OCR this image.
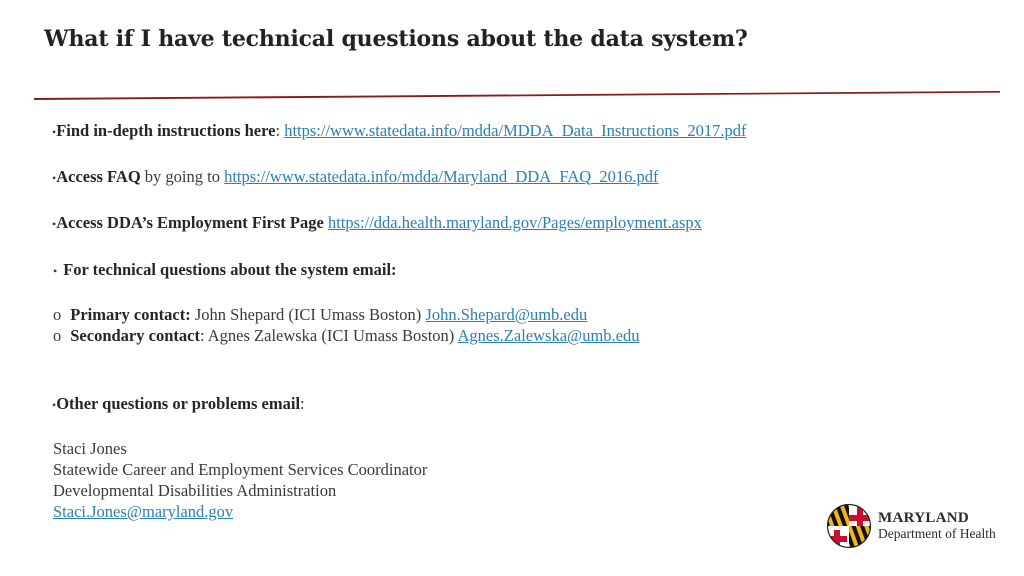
What if I have technical questions about the data system?
•Find in-depth instructions here: https://www.statedata.info/mdda/MDDA_Data_Instructions_2017.pdf
•Access FAQ by going to https://www.statedata.info/mdda/Maryland_DDA_FAQ_2016.pdf
•Access DDA’s Employment First Page https://dda.health.maryland.gov/Pages/employment.aspx
• For technical questions about the system email:
o Primary contact: John Shepard (ICI Umass Boston) John.Shepard@umb.edu
o Secondary contact: Agnes Zalewska (ICI Umass Boston) Agnes.Zalewska@umb.edu
•Other questions or problems email:
Staci Jones
Statewide Career and Employment Services Coordinator
Developmental Disabilities Administration
Staci.Jones@maryland.gov	MARYLAND
Department of Health
